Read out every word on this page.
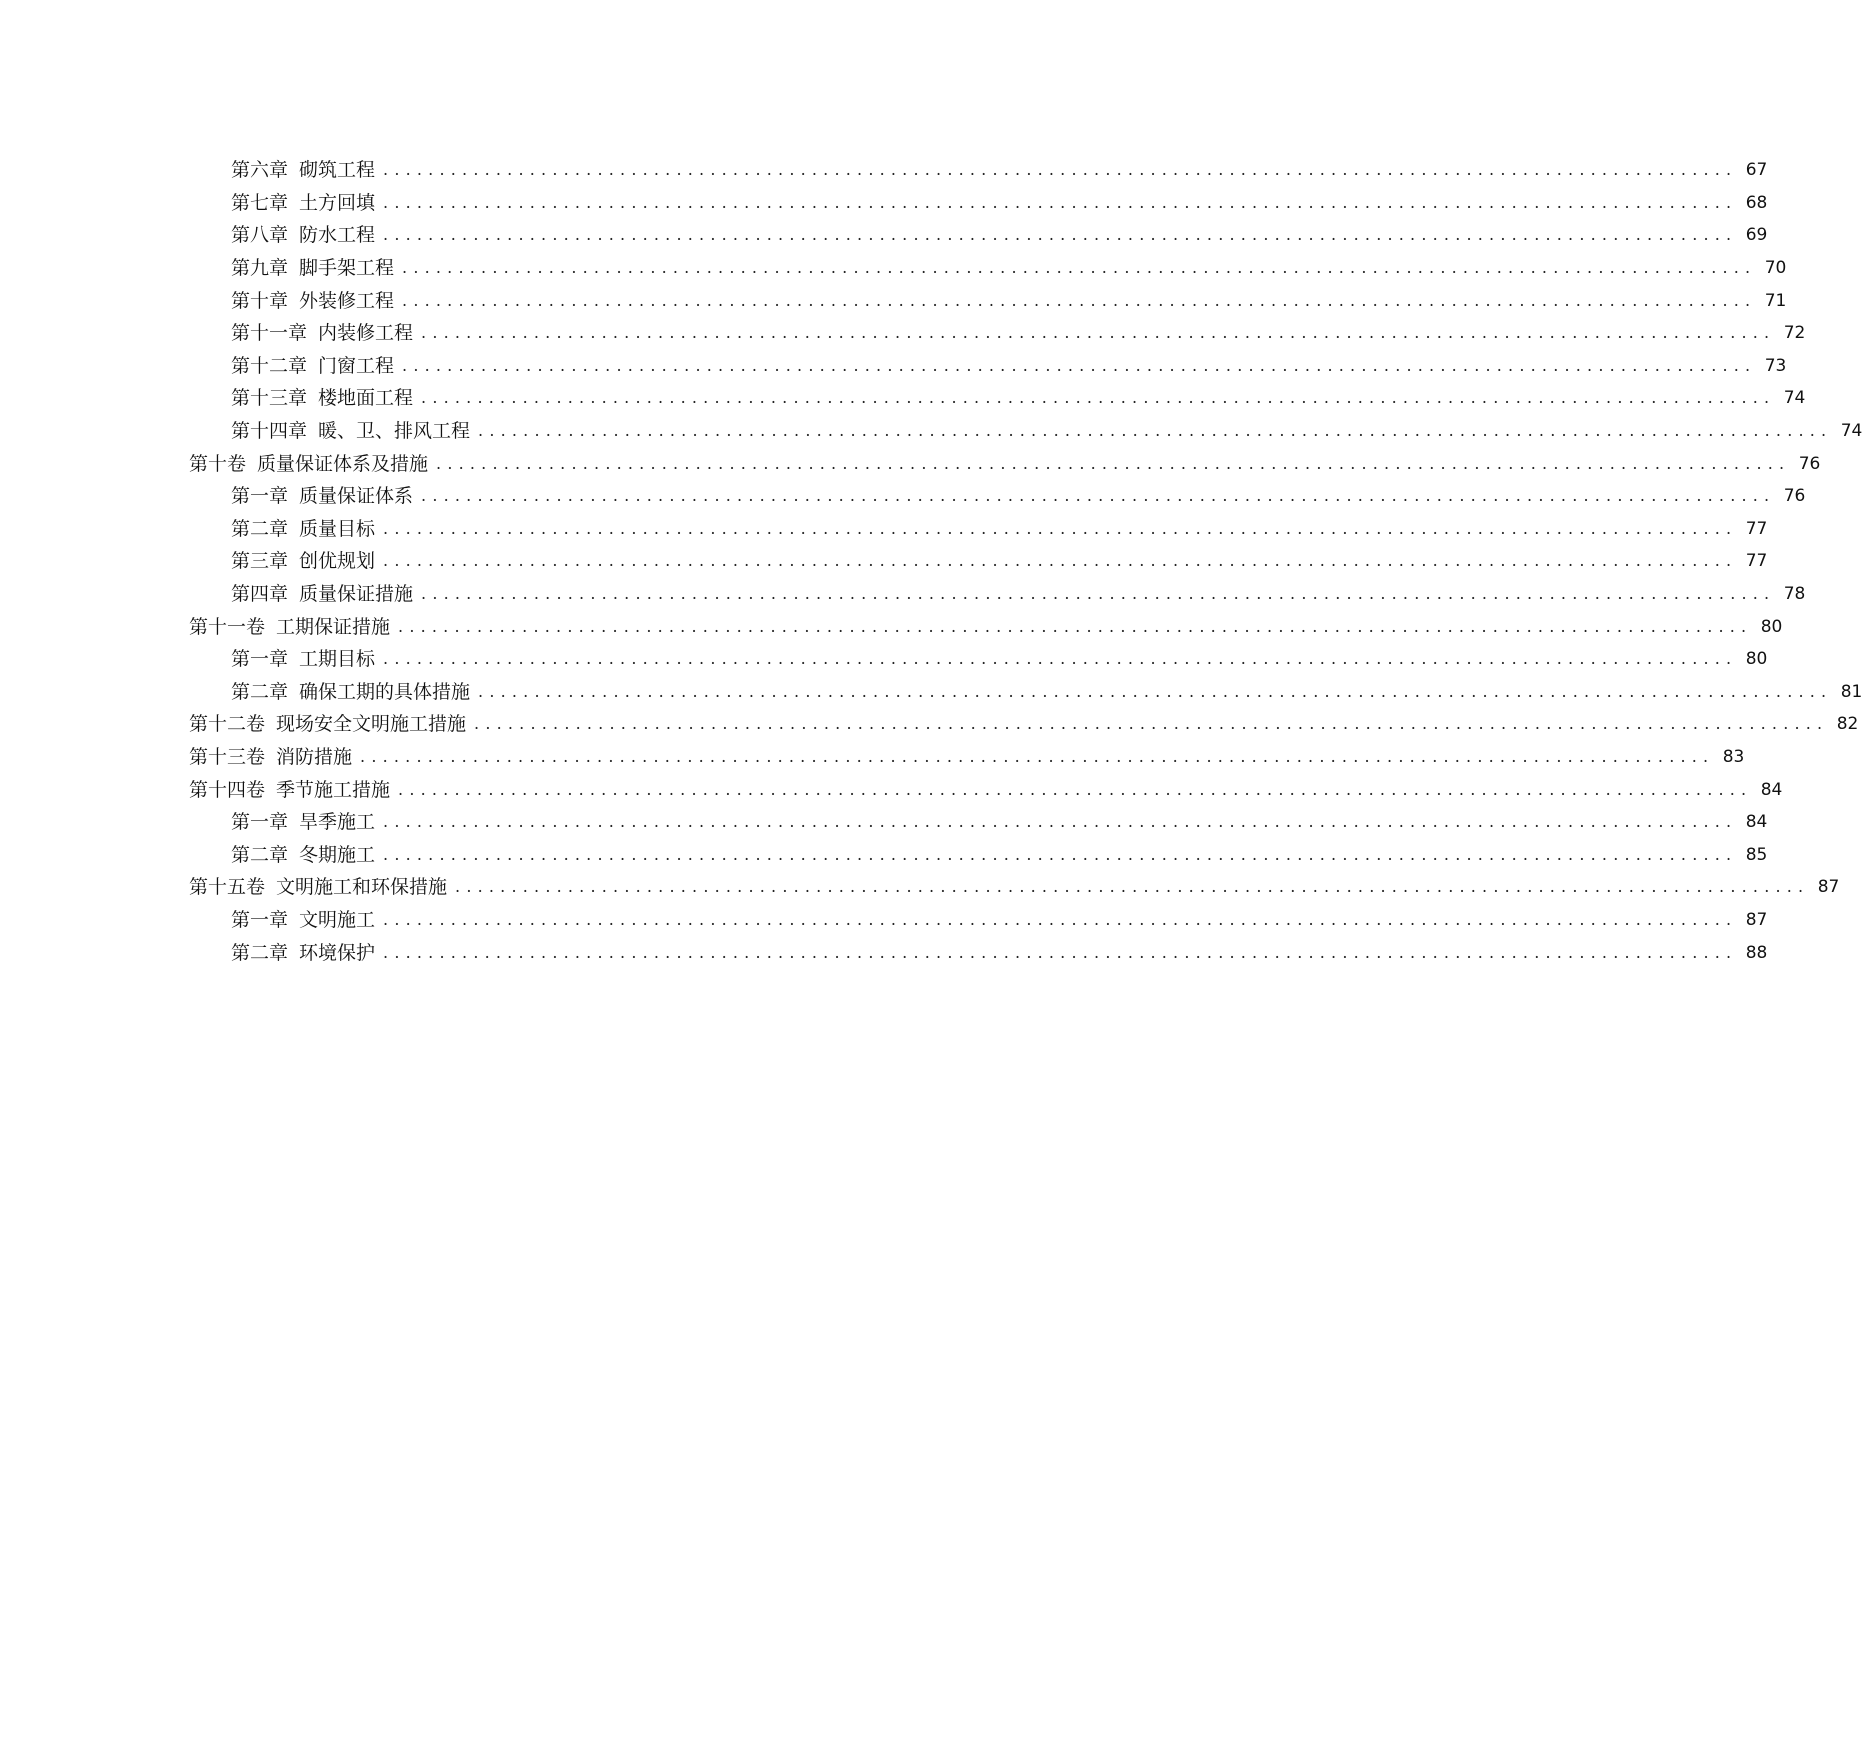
第六章 砌筑工程 ........................................................................................................................ 67
第七章 土方回填 ........................................................................................................................ 68
第八章 防水工程 ........................................................................................................................ 69
第九章 脚手架工程 ........................................................................................................................ 70
第十章 外装修工程 ........................................................................................................................ 71
第十一章 内装修工程 ........................................................................................................................ 72
第十二章 门窗工程 ........................................................................................................................ 73
第十三章 楼地面工程 ........................................................................................................................ 74
第十四章 暖、卫、排风工程 ........................................................................................................................ 74
第十卷 质量保证体系及措施 ........................................................................................................................ 76
第一章 质量保证体系 ........................................................................................................................ 76
第二章 质量目标 ........................................................................................................................ 77
第三章 创优规划 ........................................................................................................................ 77
第四章 质量保证措施 ........................................................................................................................ 78
第十一卷 工期保证措施 ........................................................................................................................ 80
第一章 工期目标 ........................................................................................................................ 80
第二章 确保工期的具体措施 ........................................................................................................................ 81
第十二卷 现场安全文明施工措施 ........................................................................................................................ 82
第十三卷 消防措施 ........................................................................................................................ 83
第十四卷 季节施工措施 ........................................................................................................................ 84
第一章 旱季施工 ........................................................................................................................ 84
第二章 冬期施工 ........................................................................................................................ 85
第十五卷 文明施工和环保措施 ........................................................................................................................ 87
第一章 文明施工 ........................................................................................................................ 87
第二章 环境保护 ........................................................................................................................ 88
